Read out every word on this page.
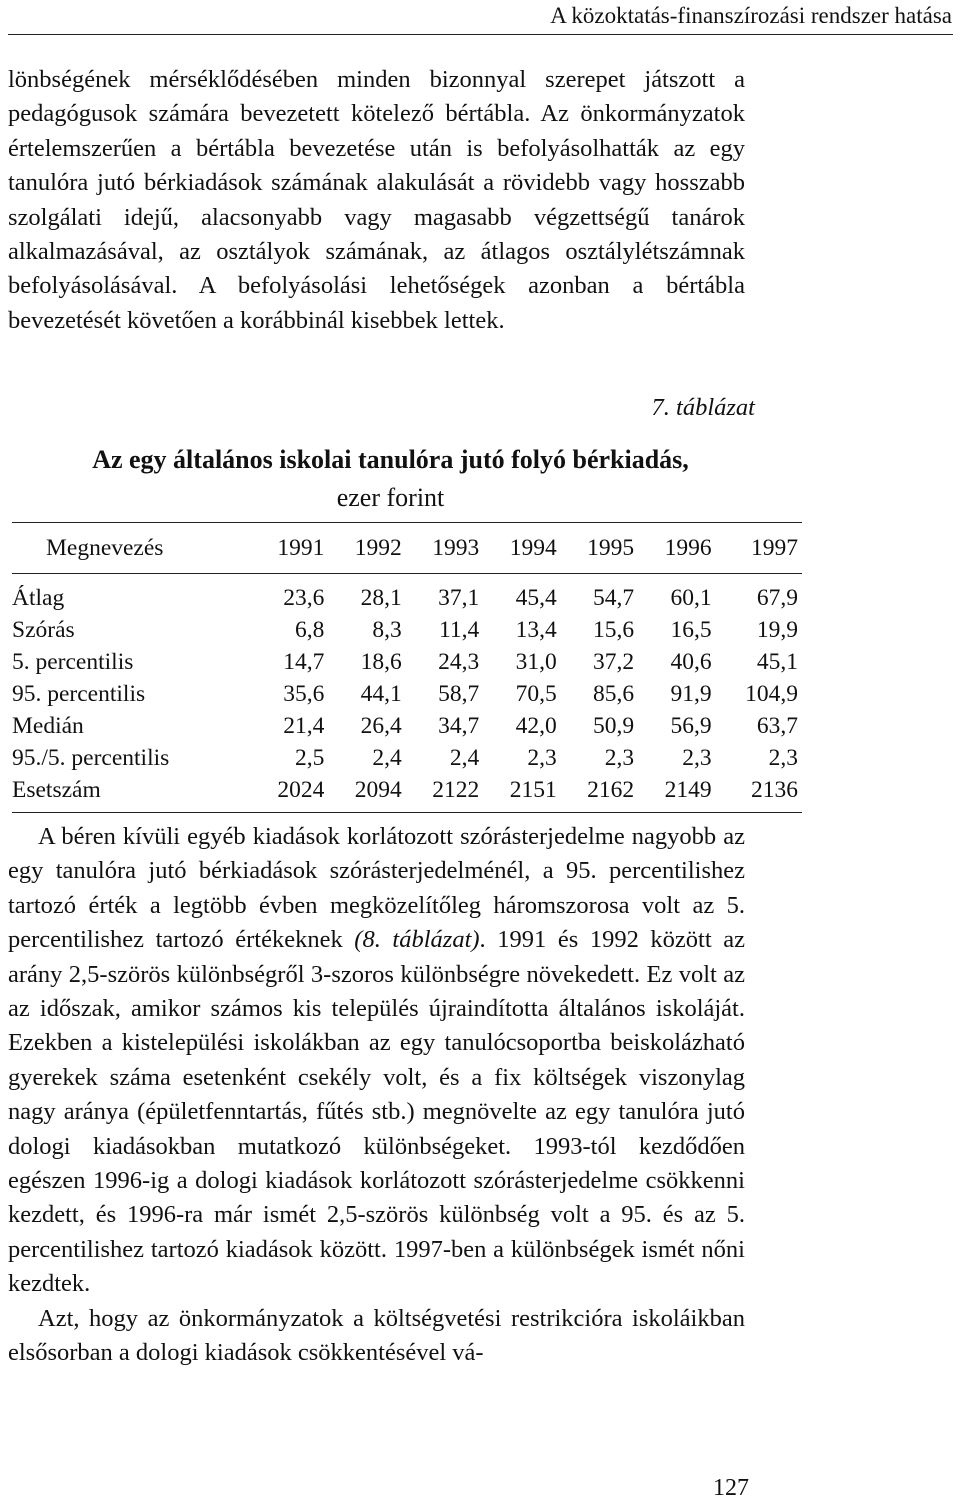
A közoktatás-finanszírozási rendszer hatása

lönbségének mérséklődésében minden bizonnyal szerepet játszott a pedagógusok számára bevezetett kötelező bértábla. Az önkormányzatok értelemszerűen a bértábla bevezetése után is befolyásolhatták az egy tanulóra jutó bérkiadások számának alakulását a rövidebb vagy hosszabb szolgálati idejű, alacsonyabb vagy magasabb végzettségű tanárok alkalmazásával, az osztályok számának, az átlagos osztálylétszámnak befolyásolásával. A befolyásolási lehetőségek azonban a bértábla bevezetését követően a korábbinál kisebbek lettek.

7. táblázat
Az egy általános iskolai tanulóra jutó folyó bérkiadás,
ezer forint
Megnevezés	1991	1992	1993	1994	1995	1996	1997
Átlag	23,6	28,1	37,1	45,4	54,7	60,1	67,9
Szórás	6,8	8,3	11,4	13,4	15,6	16,5	19,9
5. percentilis	14,7	18,6	24,3	31,0	37,2	40,6	45,1
95. percentilis	35,6	44,1	58,7	70,5	85,6	91,9	104,9
Medián	21,4	26,4	34,7	42,0	50,9	56,9	63,7
95./5. percentilis	2,5	2,4	2,4	2,3	2,3	2,3	2,3
Esetszám	2024	2094	2122	2151	2162	2149	2136

A béren kívüli egyéb kiadások korlátozott szórásterjedelme nagyobb az egy tanulóra jutó bérkiadások szórásterjedelménél, a 95. percentilishez tartozó érték a legtöbb évben megközelítőleg háromszorosa volt az 5. percentilishez tartozó értékeknek (8. táblázat). 1991 és 1992 között az arány 2,5-szörös különbségről 3-szoros különbségre növekedett. Ez volt az az időszak, amikor számos kis település újraindította általános iskoláját. Ezekben a kistelepülési iskolákban az egy tanulócsoportba beiskolázható gyerekek száma esetenként csekély volt, és a fix költségek viszonylag nagy aránya (épületfenntartás, fűtés stb.) megnövelte az egy tanulóra jutó dologi kiadásokban mutatkozó különbségeket. 1993-tól kezdődően egészen 1996-ig a dologi kiadások korlátozott szórásterjedelme csökkenni kezdett, és 1996-ra már ismét 2,5-szörös különbség volt a 95. és az 5. percentilishez tartozó kiadások között. 1997-ben a különbségek ismét nőni kezdtek.

Azt, hogy az önkormányzatok a költségvetési restrikcióra iskoláikban elsősorban a dologi kiadások csökkentésével vá-

127
